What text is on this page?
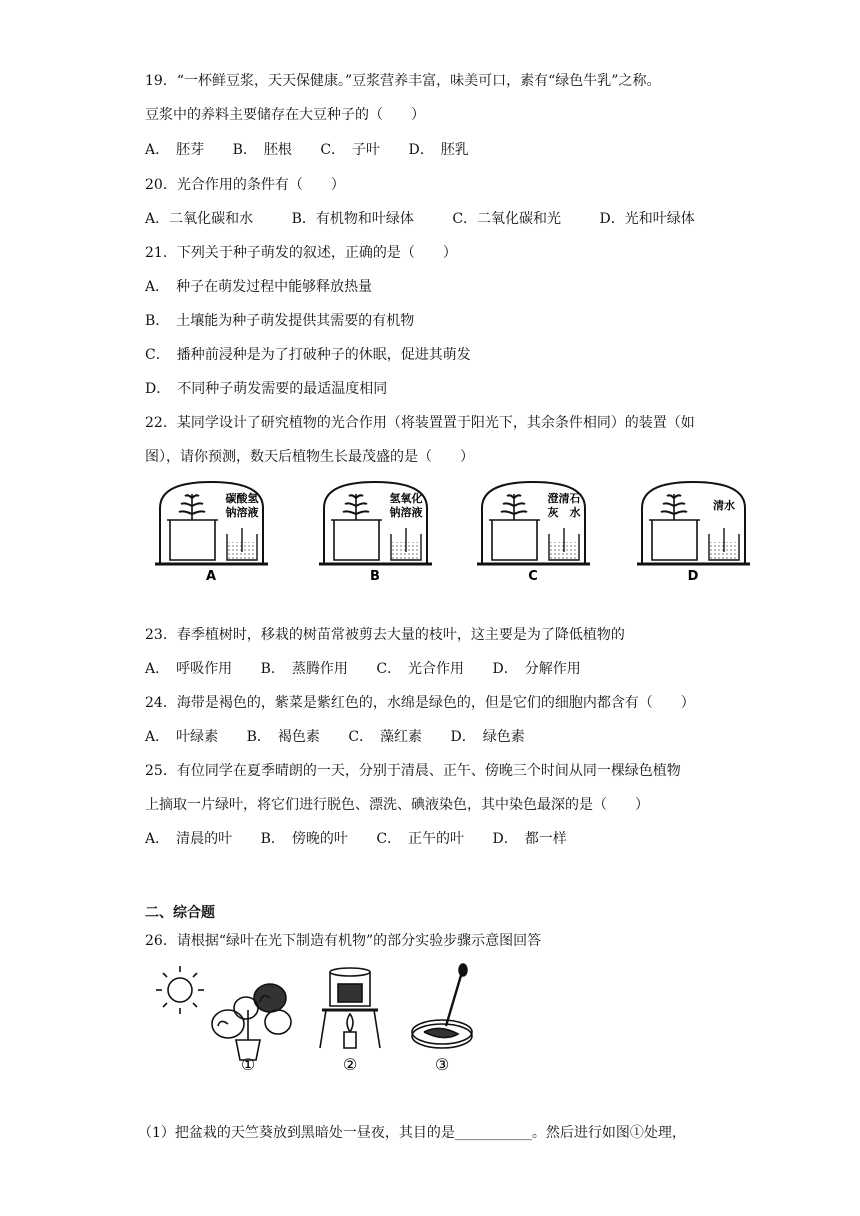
19．“一杯鲜豆浆，天天保健康。”豆浆营养丰富，味美可口，素有“绿色牛乳”之称。
豆浆中的养料主要储存在大豆种子的（　　）
A．　胚芽 B．　胚根 C．　子叶 D．　胚乳
20．光合作用的条件有（　　）
A．二氧化碳和水	B．有机物和叶绿体	C．二氧化碳和光	D．光和叶绿体
21．下列关于种子萌发的叙述，正确的是（　　）
A．　种子在萌发过程中能够释放热量
B．　土壤能为种子萌发提供其需要的有机物
C．　播种前浸种是为了打破种子的休眠，促进其萌发
D．　不同种子萌发需要的最适温度相同
22．某同学设计了研究植物的光合作用（将装置置于阳光下，其余条件相同）的装置（如
图），请你预测，数天后植物生长最茂盛的是（　　）
碳酸氢
钠溶液
A
氢氧化
钠溶液
B
澄清石
灰　水
C
清水
D
23．春季植树时，移栽的树苗常被剪去大量的枝叶，这主要是为了降低植物的
A．　呼吸作用 B．　蒸腾作用 C．　光合作用 D．　分解作用
24．海带是褐色的，紫菜是紫红色的，水绵是绿色的，但是它们的细胞内都含有（　　）
A．　叶绿素 B．　褐色素 C．　藻红素 D．　绿色素
25．有位同学在夏季晴朗的一天，分别于清晨、正午、傍晚三个时间从同一棵绿色植物
上摘取一片绿叶，将它们进行脱色、漂洗、碘液染色，其中染色最深的是（　　）
A．　清晨的叶 B．　傍晚的叶 C．　正午的叶 D．　都一样
二、综合题
26．请根据“绿叶在光下制造有机物”的部分实验步骤示意图回答
①	②	③
（1）把盆栽的天竺葵放到黑暗处一昼夜，其目的是___________。然后进行如图①处理，
